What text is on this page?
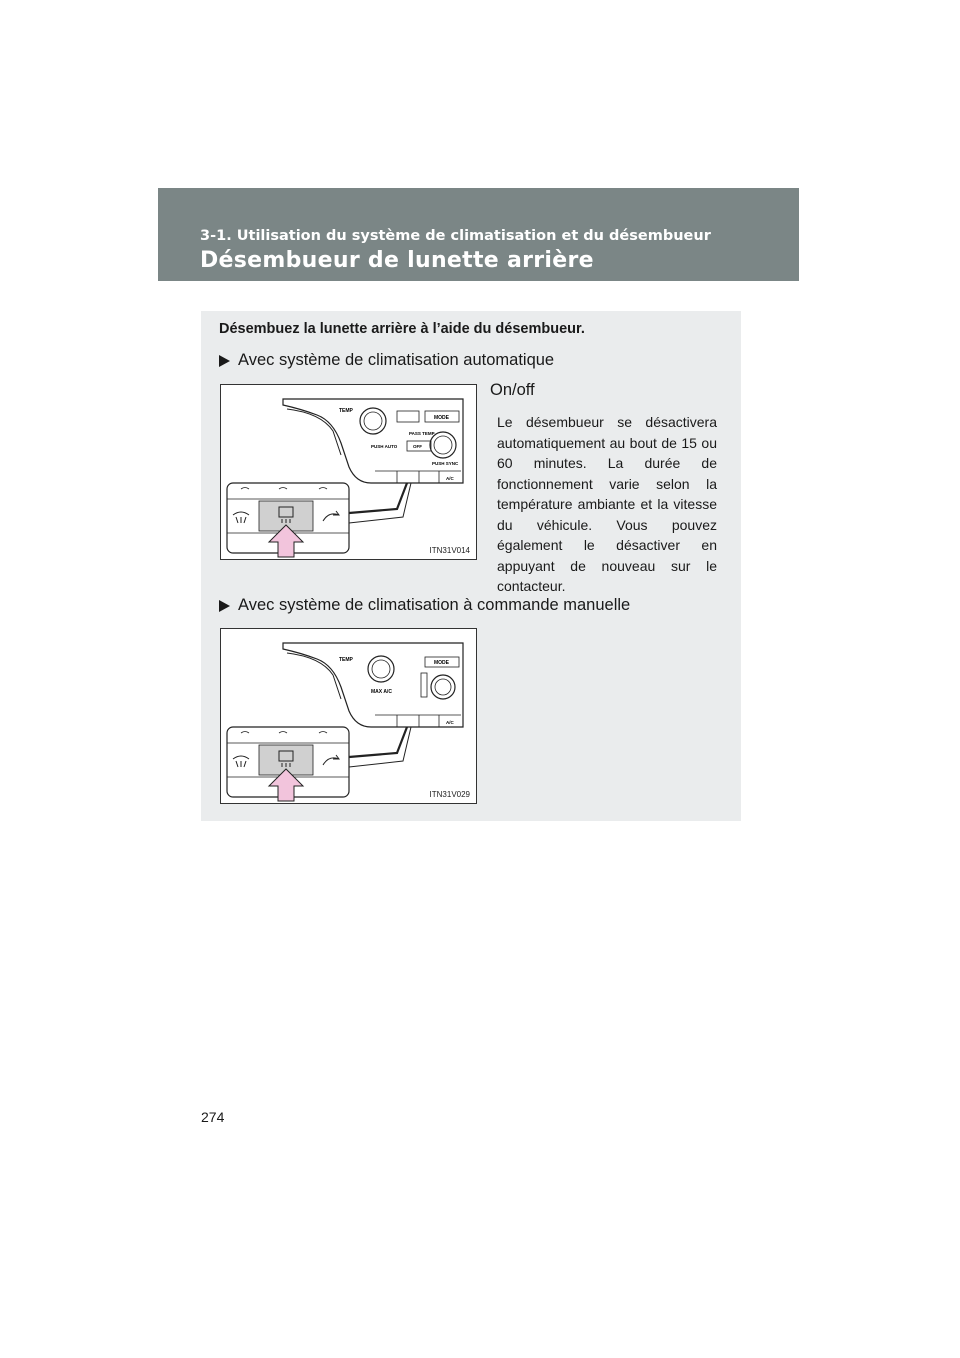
3-1. Utilisation du système de climatisation et du désembueur
Désembueur de lunette arrière
Désembuez la lunette arrière à l’aide du désembueur.
Avec système de climatisation automatique
TEMP
MODE
PASS TEMP
PUSH AUTO	OFF
PUSH SYNC
A/C
ITN31V014
On/off
Le désembueur se désactivera automatiquement au bout de 15 ou 60 minutes. La durée de fonctionnement varie selon la température ambiante et la vitesse du véhicule. Vous pouvez également le désactiver en appuyant de nouveau sur le contacteur.
Avec système de climatisation à commande manuelle
TEMP	MODE
MAX A/C
A/C
ITN31V029
274
